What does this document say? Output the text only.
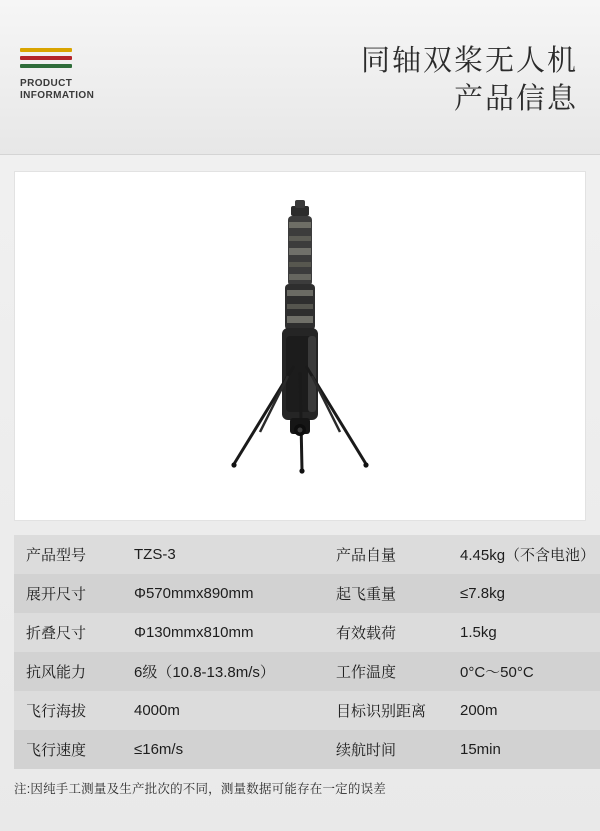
PRODUCT
INFORMATION
同轴双桨无人机
产品信息
产品型号	TZS-3	产品自量	4.45kg（不含电池）
展开尺寸	Φ570mmx890mm	起飞重量	≤7.8kg
折叠尺寸	Φ130mmx810mm	有效载荷	1.5kg
抗风能力	6级（10.8-13.8m/s）	工作温度	0°C～50°C
飞行海拔	4000m	目标识别距离	200m
飞行速度	≤16m/s	续航时间	15min
注:因纯手工测量及生产批次的不同，测量数据可能存在一定的误差
